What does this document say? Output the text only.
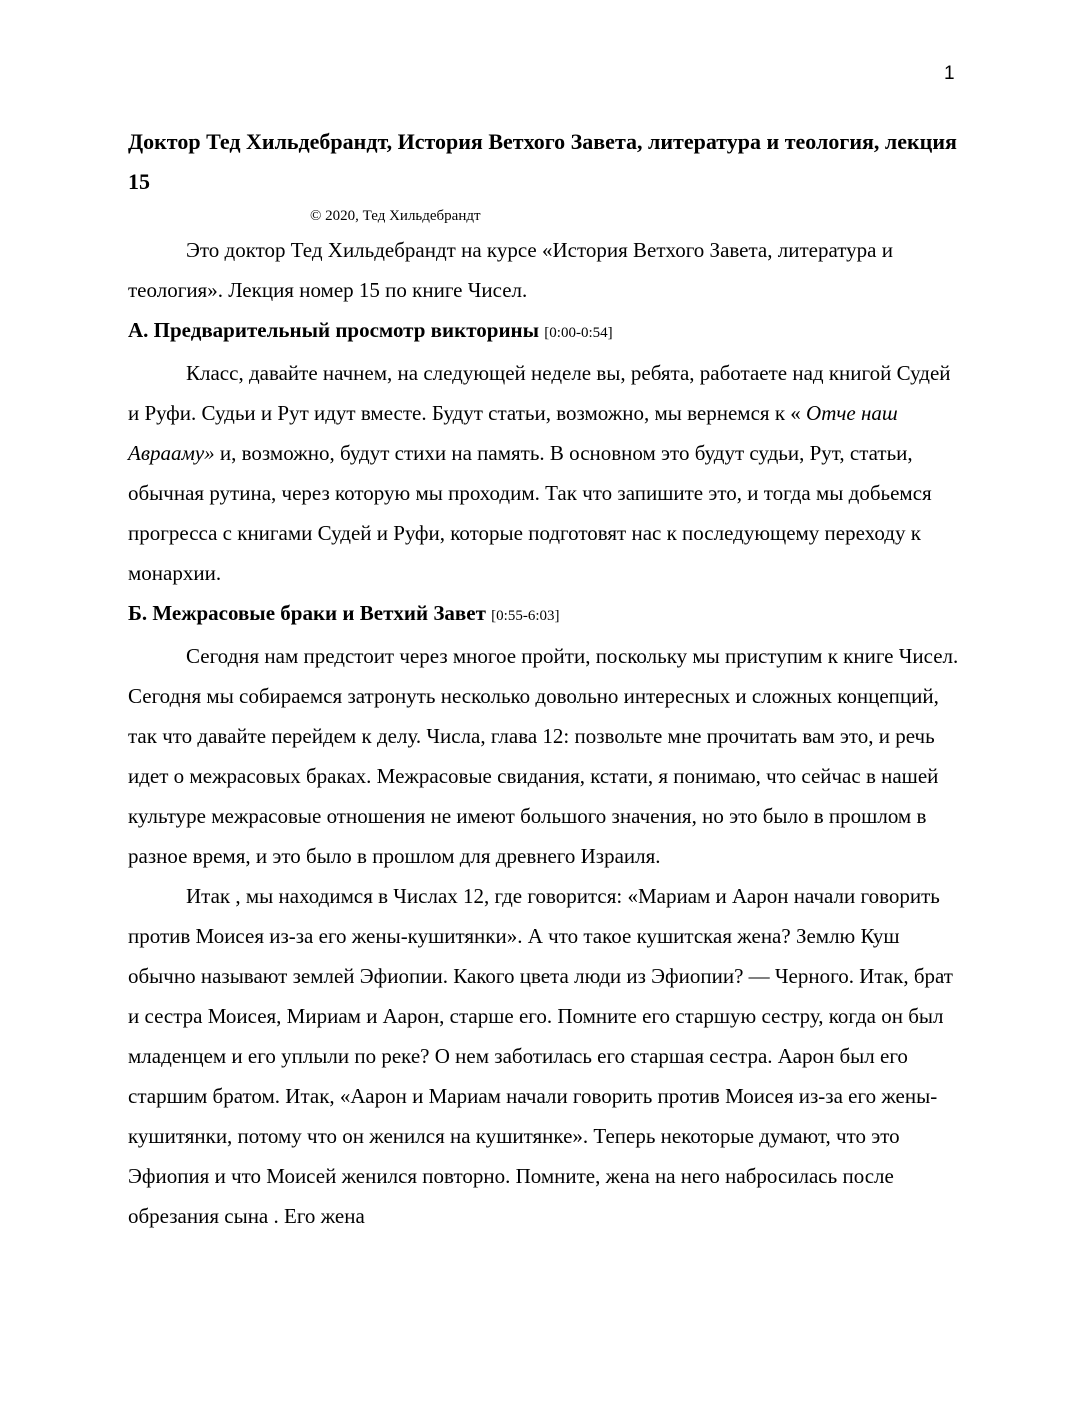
1
Доктор Тед Хильдебрандт, История Ветхого Завета, литература и теология, лекция 15
© 2020, Тед Хильдебрандт

Это доктор Тед Хильдебрандт на курсе «История Ветхого Завета, литература и теология». Лекция номер 15 по книге Чисел.

А. Предварительный просмотр викторины [0:00-0:54]

Класс, давайте начнем, на следующей неделе вы, ребята, работаете над книгой Судей и Руфи. Судьи и Рут идут вместе. Будут статьи, возможно, мы вернемся к « Отче наш Аврааму» и, возможно, будут стихи на память. В основном это будут судьи, Рут, статьи, обычная рутина, через которую мы проходим. Так что запишите это, и тогда мы добьемся прогресса с книгами Судей и Руфи, которые подготовят нас к последующему переходу к монархии.

Б. Межрасовые браки и Ветхий Завет [0:55-6:03]

Сегодня нам предстоит через многое пройти, поскольку мы приступим к книге Чисел. Сегодня мы собираемся затронуть несколько довольно интересных и сложных концепций, так что давайте перейдем к делу. Числа, глава 12: позвольте мне прочитать вам это, и речь идет о межрасовых браках. Межрасовые свидания, кстати, я понимаю, что сейчас в нашей культуре межрасовые отношения не имеют большого значения, но это было в прошлом в разное время, и это было в прошлом для древнего Израиля.

Итак , мы находимся в Числах 12, где говорится: «Мариам и Аарон начали говорить против Моисея из-за его жены-кушитянки». А что такое кушитская жена? Землю Куш обычно называют землей Эфиопии. Какого цвета люди из Эфиопии? — Черного. Итак, брат и сестра Моисея, Мириам и Аарон, старше его. Помните его старшую сестру, когда он был младенцем и его уплыли по реке? О нем заботилась его старшая сестра. Аарон был его старшим братом. Итак, «Аарон и Мариам начали говорить против Моисея из-за его жены-кушитянки, потому что он женился на кушитянке». Теперь некоторые думают, что это Эфиопия и что Моисей женился повторно. Помните, жена на него набросилась после обрезания сына . Его жена
